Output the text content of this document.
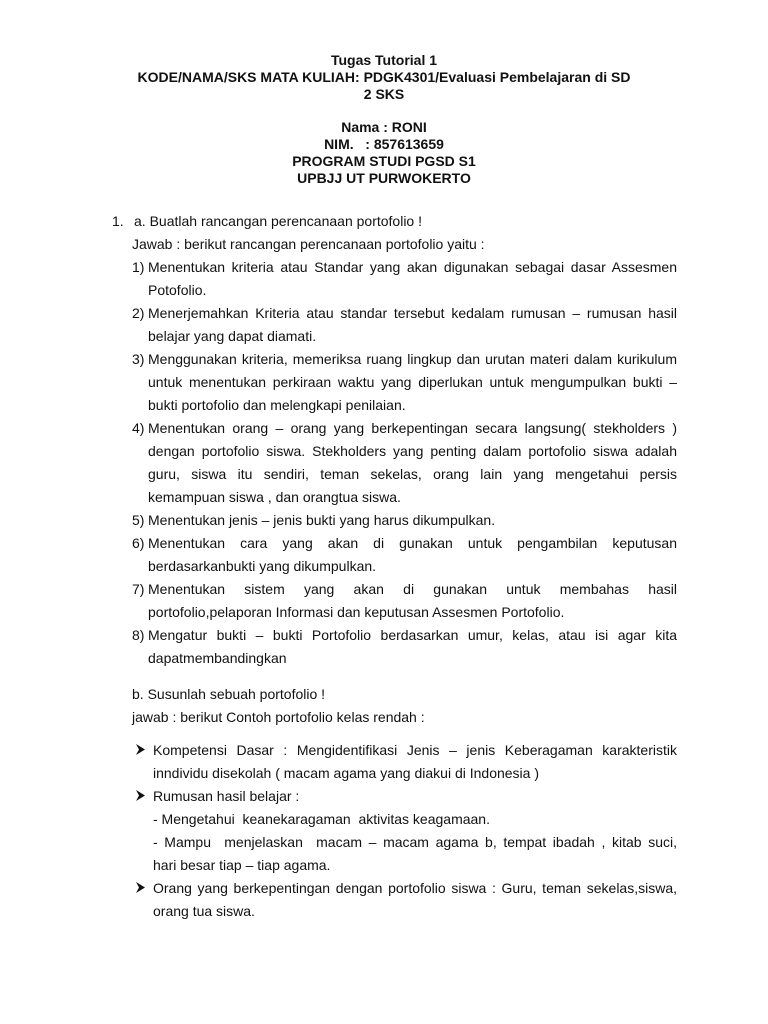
Tugas Tutorial 1
KODE/NAMA/SKS MATA KULIAH: PDGK4301/Evaluasi Pembelajaran di SD
2 SKS
Nama : RONI
NIM.   : 857613659
PROGRAM STUDI PGSD S1
UPBJJ UT PURWOKERTO
1. a. Buatlah rancangan perencanaan portofolio !
Jawab : berikut rancangan perencanaan portofolio yaitu :
1) Menentukan kriteria atau Standar yang akan digunakan sebagai dasar Assesmen Potofolio.
2) Menerjemahkan Kriteria atau standar tersebut kedalam rumusan – rumusan hasil belajar yang dapat diamati.
3) Menggunakan kriteria, memeriksa ruang lingkup dan urutan materi dalam kurikulum untuk menentukan perkiraan waktu yang diperlukan untuk mengumpulkan bukti – bukti portofolio dan melengkapi penilaian.
4) Menentukan orang – orang yang berkepentingan secara langsung( stekholders ) dengan portofolio siswa. Stekholders yang penting dalam portofolio siswa adalah guru, siswa itu sendiri, teman sekelas, orang lain yang mengetahui persis kemampuan siswa , dan orangtua siswa.
5) Menentukan jenis – jenis bukti yang harus dikumpulkan.
6) Menentukan cara yang akan di gunakan untuk pengambilan keputusan berdasarkanbukti yang dikumpulkan.
7) Menentukan sistem yang akan di gunakan untuk membahas hasil portofolio,pelaporan Informasi dan keputusan Assesmen Portofolio.
8) Mengatur bukti – bukti Portofolio berdasarkan umur, kelas, atau isi agar kita dapatmembandingkan
b. Susunlah sebuah portofolio !
jawab : berikut Contoh portofolio kelas rendah :
Kompetensi Dasar : Mengidentifikasi Jenis – jenis Keberagaman karakteristik inndividu disekolah ( macam agama yang diakui di Indonesia )
Rumusan hasil belajar :
- Mengetahui  keanekaragaman  aktivitas keagamaan.
- Mampu  menjelaskan  macam – macam agama b, tempat ibadah , kitab suci,      hari besar tiap – tiap agama.
Orang yang berkepentingan dengan portofolio siswa : Guru, teman sekelas,siswa, orang tua siswa.
